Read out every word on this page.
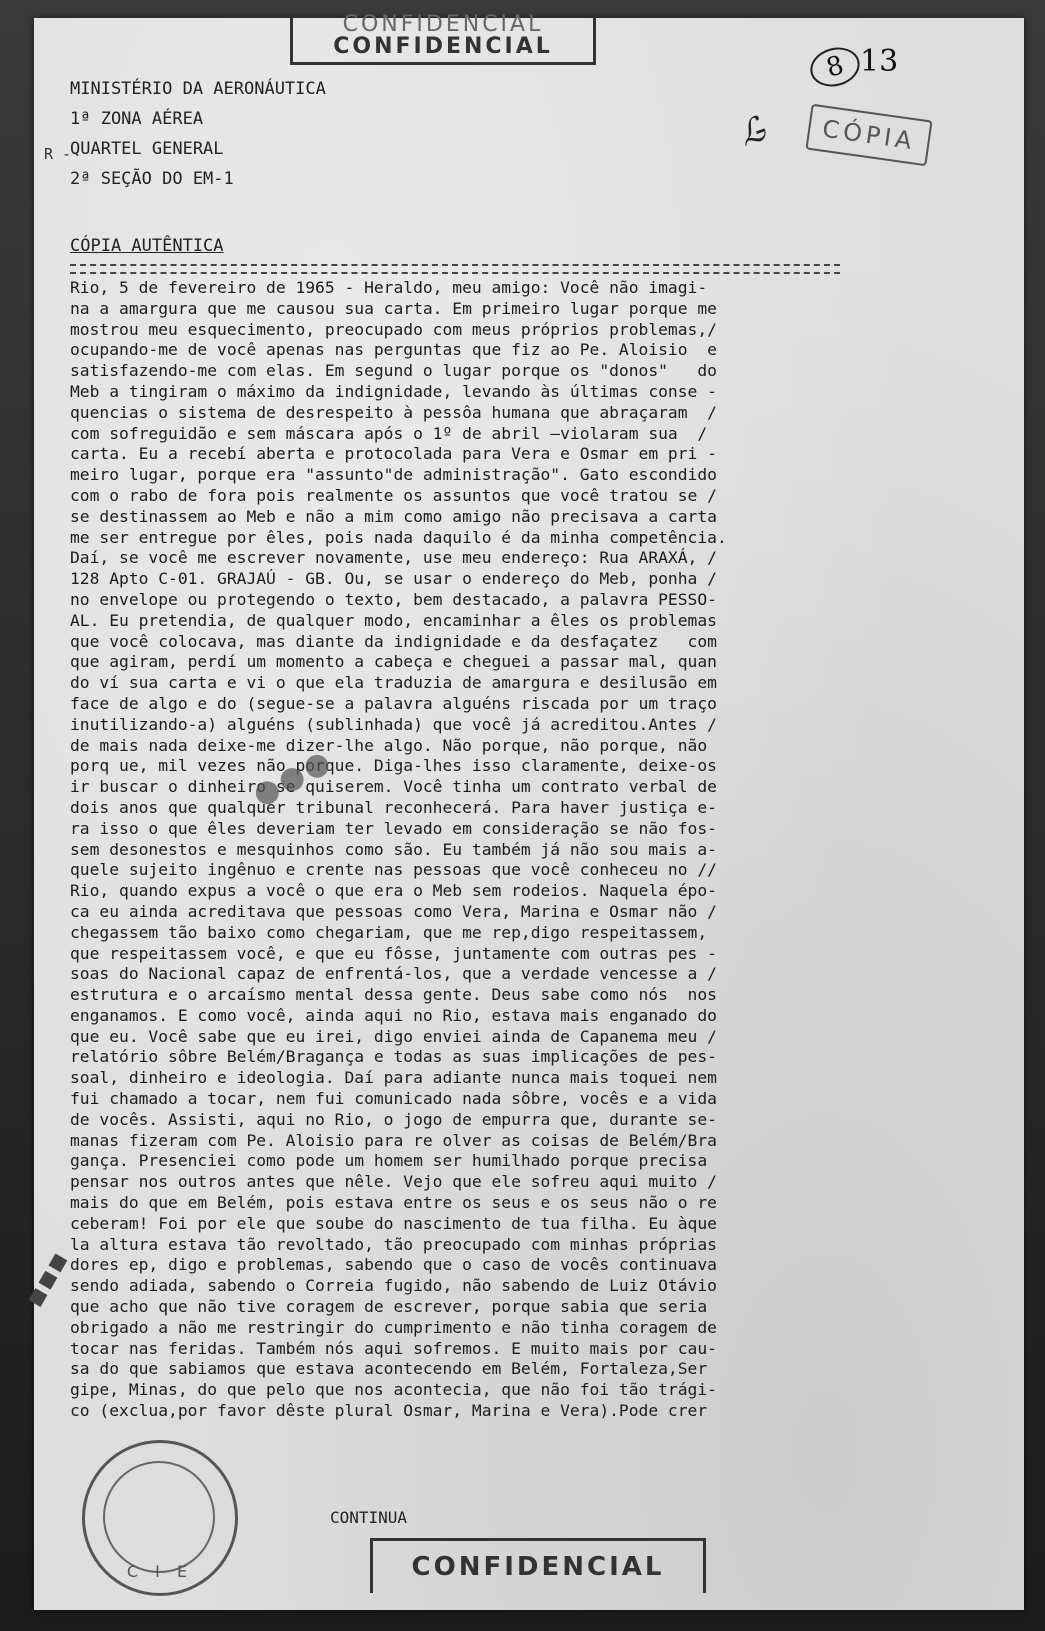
CONFIDENCIAL
CONFIDENCIAL
8 13
ℒ̵	CÓPIA
MINISTÉRIO DA AERONÁUTICA
1ª ZONA AÉREA
QUARTEL GENERAL
2ª SEÇÃO DO EM-1
R -
CÓPIA AUTÊNTICA
Rio, 5 de fevereiro de 1965 - Heraldo, meu amigo: Você não imagi-
na a amargura que me causou sua carta. Em primeiro lugar porque me
mostrou meu esquecimento, preocupado com meus próprios problemas,/
ocupando-me de você apenas nas perguntas que fiz ao Pe. Aloisio  e
satisfazendo-me com elas. Em segund o lugar porque os "donos"   do
Meb a tingiram o máximo da indignidade, levando às últimas conse -
quencias o sistema de desrespeito à pessôa humana que abraçaram  /
com sofreguidão e sem máscara após o 1º de abril —violaram sua  /
carta. Eu a recebí aberta e protocolada para Vera e Osmar em pri -
meiro lugar, porque era "assunto"de administração". Gato escondido
com o rabo de fora pois realmente os assuntos que você tratou se /
se destinassem ao Meb e não a mim como amigo não precisava a carta
me ser entregue por êles, pois nada daquilo é da minha competência.
Daí, se você me escrever novamente, use meu endereço: Rua ARAXÁ, /
128 Apto C-01. GRAJAÚ - GB. Ou, se usar o endereço do Meb, ponha /
no envelope ou protegendo o texto, bem destacado, a palavra PESSO-
AL. Eu pretendia, de qualquer modo, encaminhar a êles os problemas
que você colocava, mas diante da indignidade e da desfaçatez   com
que agiram, perdí um momento a cabeça e cheguei a passar mal, quan
do ví sua carta e vi o que ela traduzia de amargura e desilusão em
face de algo e do (segue-se a palavra alguéns riscada por um traço
inutilizando-a) alguéns (sublinhada) que você já acreditou.Antes /
de mais nada deixe-me dizer-lhe algo. Não porque, não porque, não
porq ue, mil vezes não porque. Diga-lhes isso claramente, deixe-os
ir buscar o dinheiro se quiserem. Você tinha um contrato verbal de
dois anos que qualquer tribunal reconhecerá. Para haver justiça e-
ra isso o que êles deveriam ter levado em consideração se não fos-
sem desonestos e mesquinhos como são. Eu também já não sou mais a-
quele sujeito ingênuo e crente nas pessoas que você conheceu no //
Rio, quando expus a você o que era o Meb sem rodeios. Naquela épo-
ca eu ainda acreditava que pessoas como Vera, Marina e Osmar não /
chegassem tão baixo como chegariam, que me rep,digo respeitassem,
que respeitassem você, e que eu fôsse, juntamente com outras pes -
soas do Nacional capaz de enfrentá-los, que a verdade vencesse a /
estrutura e o arcaísmo mental dessa gente. Deus sabe como nós  nos
enganamos. E como você, ainda aqui no Rio, estava mais enganado do
que eu. Você sabe que eu irei, digo enviei ainda de Capanema meu /
relatório sôbre Belém/Bragança e todas as suas implicações de pes-
soal, dinheiro e ideologia. Daí para adiante nunca mais toquei nem
fui chamado a tocar, nem fui comunicado nada sôbre, vocês e a vida
de vocês. Assisti, aqui no Rio, o jogo de empurra que, durante se-
manas fizeram com Pe. Aloisio para re olver as coisas de Belém/Bra
gança. Presenciei como pode um homem ser humilhado porque precisa
pensar nos outros antes que nêle. Vejo que ele sofreu aqui muito /
mais do que em Belém, pois estava entre os seus e os seus não o re
ceberam! Foi por ele que soube do nascimento de tua filha. Eu àque
la altura estava tão revoltado, tão preocupado com minhas próprias
dores ep, digo e problemas, sabendo que o caso de vocês continuava
sendo adiada, sabendo o Correia fugido, não sabendo de Luiz Otávio
que acho que não tive coragem de escrever, porque sabia que seria
obrigado a não me restringir do cumprimento e não tinha coragem de
tocar nas feridas. Também nós aqui sofremos. E muito mais por cau-
sa do que sabiamos que estava acontecendo em Belém, Fortaleza,Ser
gipe, Minas, do que pelo que nos acontecia, que não foi tão trági-
co (exclua,por favor dêste plural Osmar, Marina e Vera).Pode crer
●●●
■■■
CONTINUA
C I E	CONFIDENCIAL
